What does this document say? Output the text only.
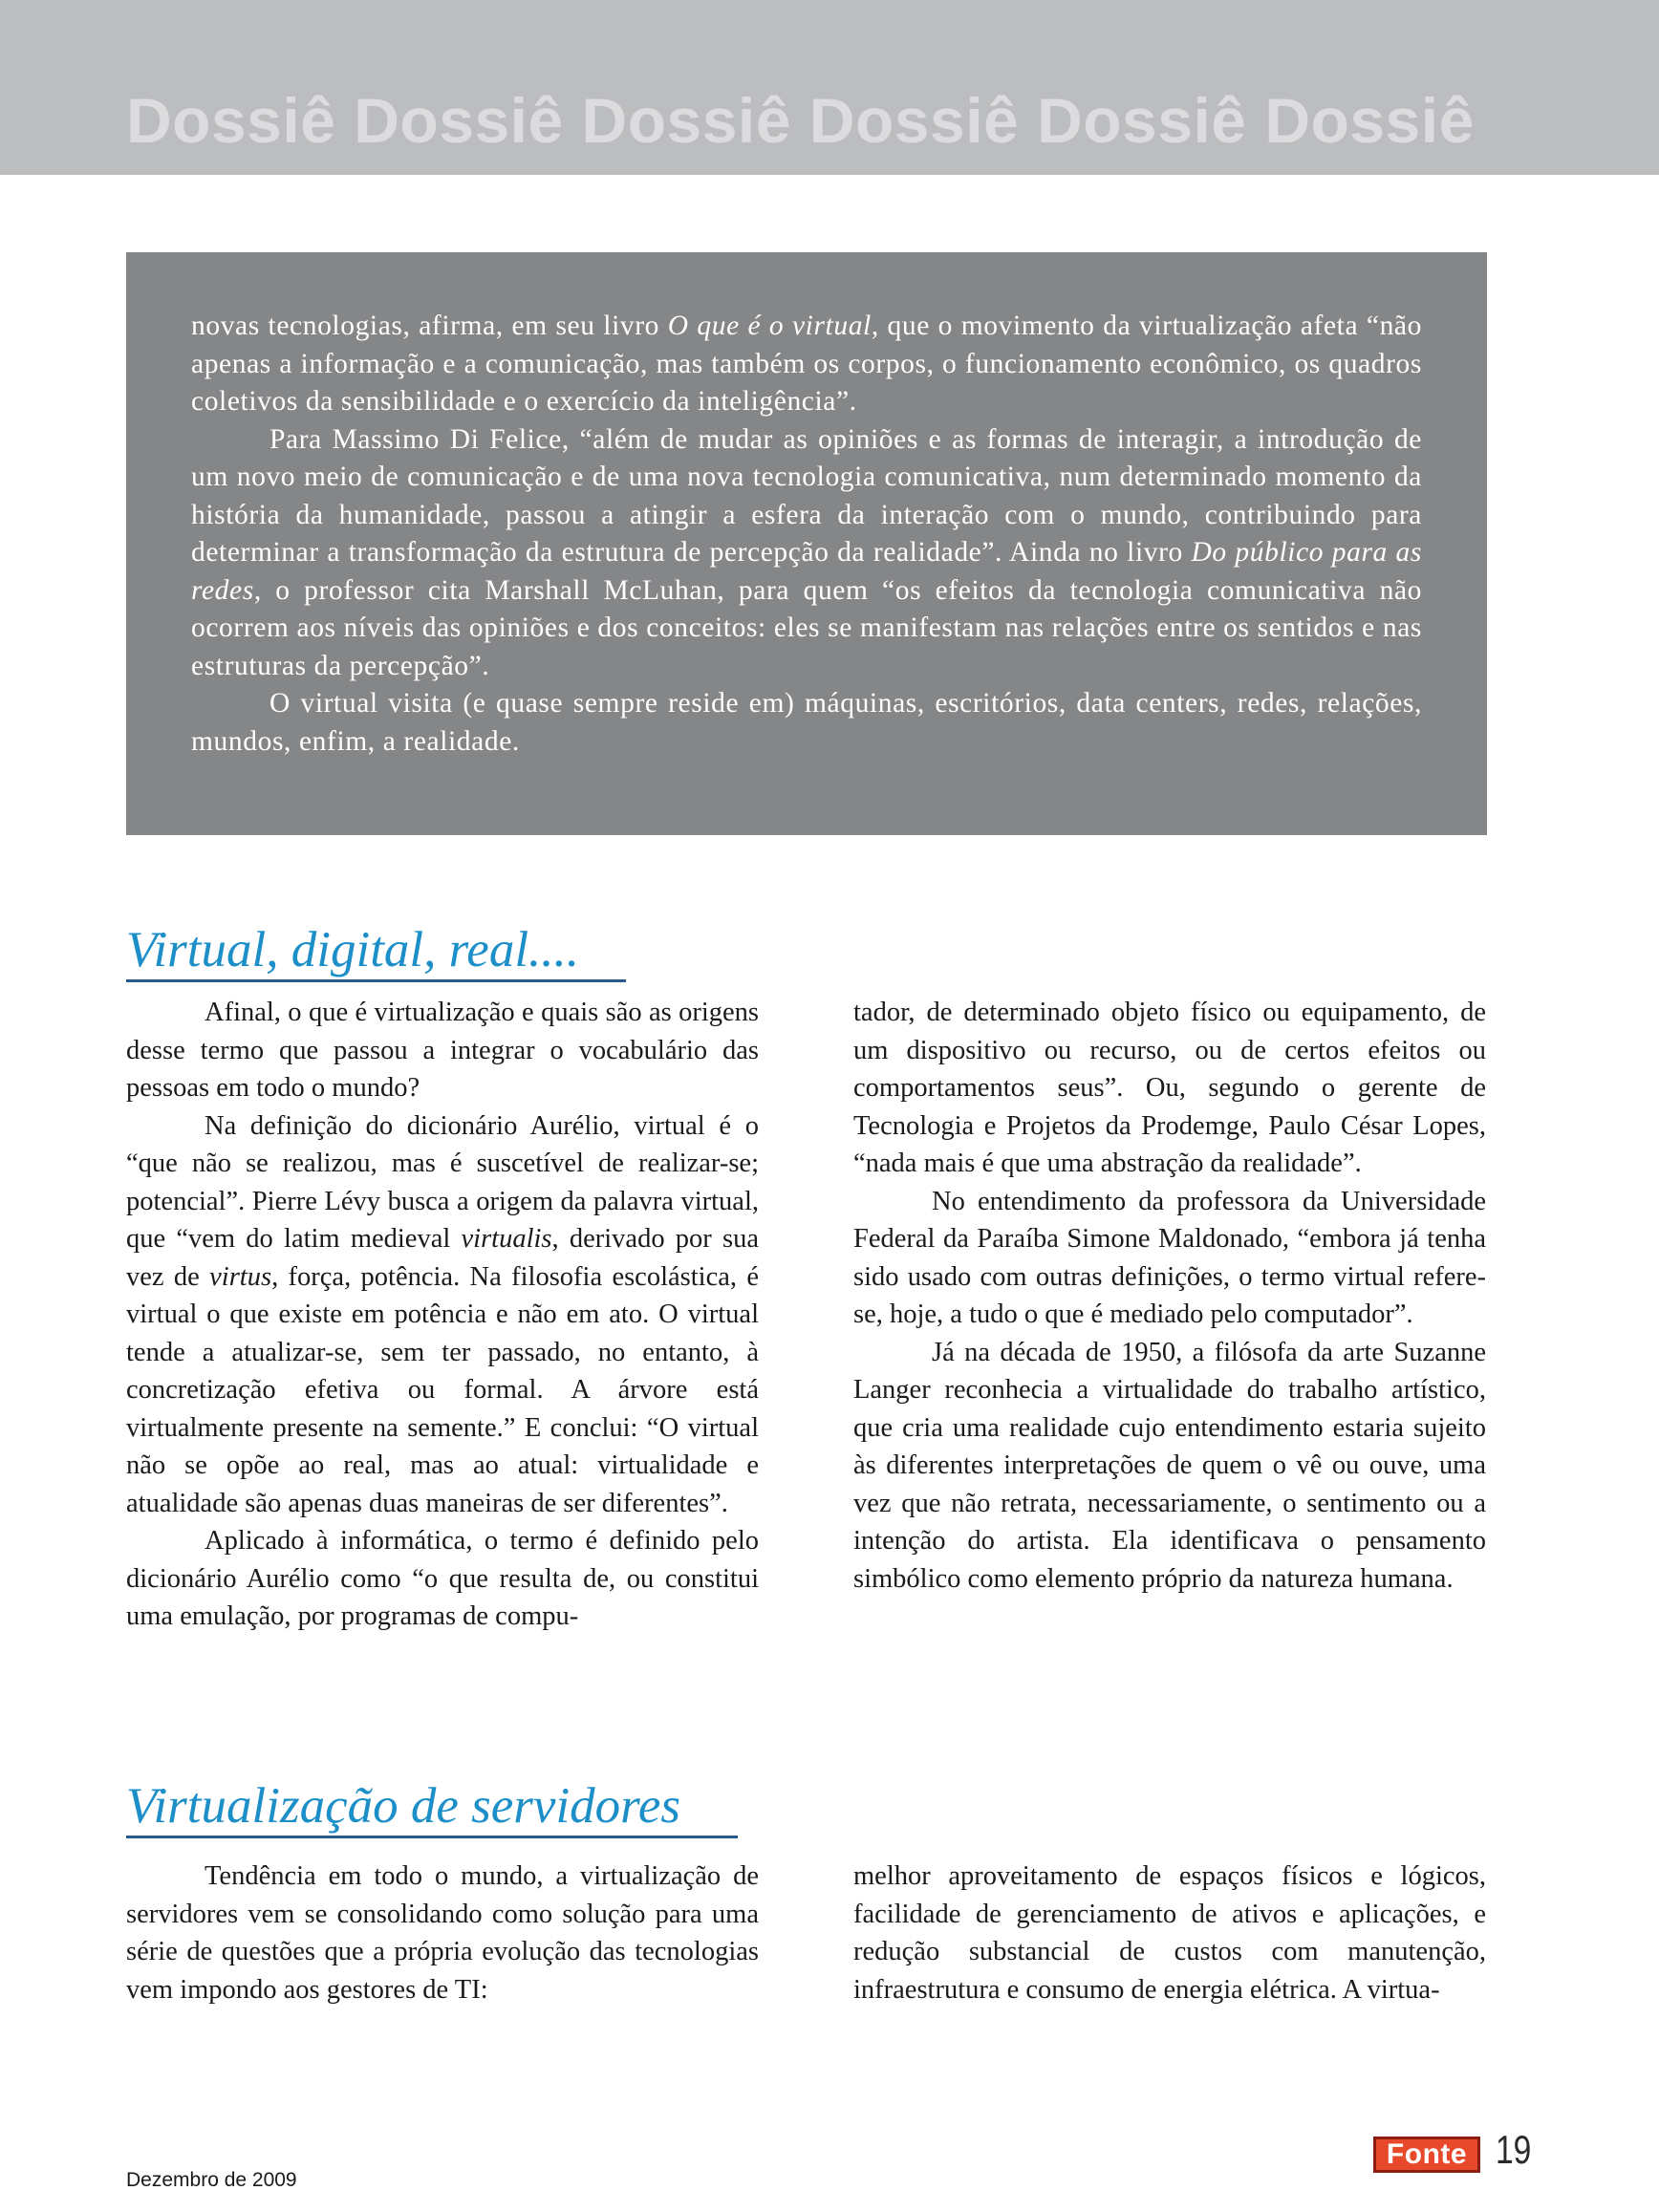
Dossiê Dossiê Dossiê Dossiê Dossiê Dossiê

novas tecnologias, afirma, em seu livro O que é o virtual, que o movimento da virtualização afeta “não apenas a informação e a comunicação, mas também os corpos, o funcionamento econômico, os quadros coletivos da sensibilidade e o exercício da inteligência”.

Para Massimo Di Felice, “além de mudar as opiniões e as formas de interagir, a introdução de um novo meio de comunicação e de uma nova tecnologia comunicativa, num determinado momento da história da humanidade, passou a atingir a esfera da interação com o mundo, contribuindo para determinar a transformação da estrutura de percepção da realidade”. Ainda no livro Do público para as redes, o professor cita Marshall McLuhan, para quem “os efeitos da tecnologia comunicativa não ocorrem aos níveis das opiniões e dos conceitos: eles se manifestam nas relações entre os sentidos e nas estruturas da percepção”.

O virtual visita (e quase sempre reside em) máquinas, escritórios, data centers, redes, relações, mundos, enfim, a realidade.

Virtual, digital, real....

Afinal, o que é virtualização e quais são as origens desse termo que passou a integrar o vocabulário das pessoas em todo o mundo?

Na definição do dicionário Aurélio, virtual é o “que não se realizou, mas é suscetível de realizar-se; potencial”. Pierre Lévy busca a origem da palavra virtual, que “vem do latim medieval virtualis, derivado por sua vez de virtus, força, potência. Na filosofia escolástica, é virtual o que existe em potência e não em ato. O virtual tende a atualizar-se, sem ter passado, no entanto, à concretização efetiva ou formal. A árvore está virtualmente presente na semente.” E conclui: “O virtual não se opõe ao real, mas ao atual: virtualidade e atualidade são apenas duas maneiras de ser diferentes”.

Aplicado à informática, o termo é definido pelo dicionário Aurélio como “o que resulta de, ou constitui uma emulação, por programas de compu-

tador, de determinado objeto físico ou equipamento, de um dispositivo ou recurso, ou de certos efeitos ou comportamentos seus”. Ou, segundo o gerente de Tecnologia e Projetos da Prodemge, Paulo César Lopes, “nada mais é que uma abstração da realidade”.

No entendimento da professora da Universidade Federal da Paraíba Simone Maldonado, “embora já tenha sido usado com outras definições, o termo virtual refere-se, hoje, a tudo o que é mediado pelo computador”.

Já na década de 1950, a filósofa da arte Suzanne Langer reconhecia a virtualidade do trabalho artístico, que cria uma realidade cujo entendimento estaria sujeito às diferentes interpretações de quem o vê ou ouve, uma vez que não retrata, necessariamente, o sentimento ou a intenção do artista. Ela identificava o pensamento simbólico como elemento próprio da natureza humana.

Virtualização de servidores

Tendência em todo o mundo, a virtualização de servidores vem se consolidando como solução para uma série de questões que a própria evolução das tecnologias vem impondo aos gestores de TI:

melhor aproveitamento de espaços físicos e lógicos, facilidade de gerenciamento de ativos e aplicações, e redução substancial de custos com manutenção, infraestrutura e consumo de energia elétrica. A virtua-

Dezembro de 2009
Fonte 19
